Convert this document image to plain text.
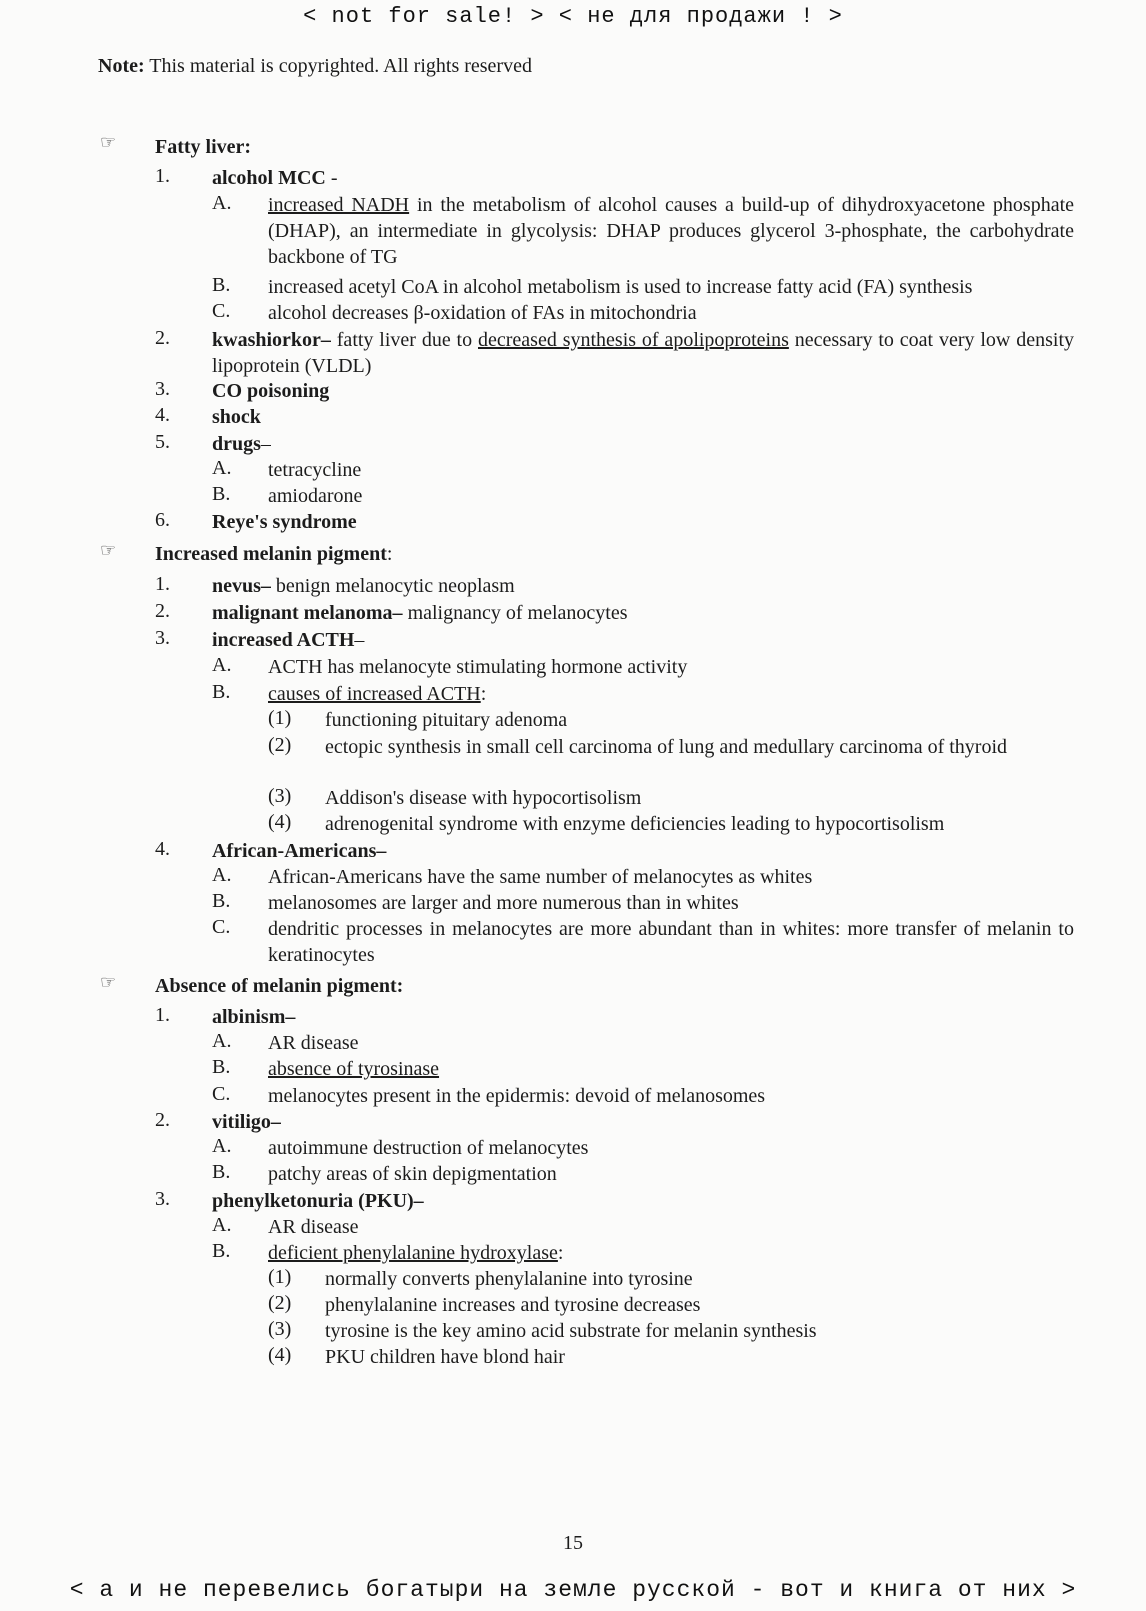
< not for sale! > < не для продажи ! >
Note: This material is copyrighted. All rights reserved
☞ Fatty liver:
1. alcohol MCC -
A. increased NADH in the metabolism of alcohol causes a build-up of dihydroxyacetone phosphate (DHAP), an intermediate in glycolysis: DHAP produces glycerol 3-phosphate, the carbohydrate backbone of TG
B. increased acetyl CoA in alcohol metabolism is used to increase fatty acid (FA) synthesis
C. alcohol decreases β-oxidation of FAs in mitochondria
2. kwashiorkor– fatty liver due to decreased synthesis of apolipoproteins necessary to coat very low density lipoprotein (VLDL)
3. CO poisoning
4. shock
5. drugs–
A. tetracycline
B. amiodarone
6. Reye's syndrome
☞ Increased melanin pigment:
1. nevus– benign melanocytic neoplasm
2. malignant melanoma– malignancy of melanocytes
3. increased ACTH–
A. ACTH has melanocyte stimulating hormone activity
B. causes of increased ACTH:
(1) functioning pituitary adenoma
(2) ectopic synthesis in small cell carcinoma of lung and medullary carcinoma of thyroid
(3) Addison's disease with hypocortisolism
(4) adrenogenital syndrome with enzyme deficiencies leading to hypocortisolism
4. African-Americans–
A. African-Americans have the same number of melanocytes as whites
B. melanosomes are larger and more numerous than in whites
C. dendritic processes in melanocytes are more abundant than in whites: more transfer of melanin to keratinocytes
☞ Absence of melanin pigment:
1. albinism–
A. AR disease
B. absence of tyrosinase
C. melanocytes present in the epidermis: devoid of melanosomes
2. vitiligo–
A. autoimmune destruction of melanocytes
B. patchy areas of skin depigmentation
3. phenylketonuria (PKU)–
A. AR disease
B. deficient phenylalanine hydroxylase:
(1) normally converts phenylalanine into tyrosine
(2) phenylalanine increases and tyrosine decreases
(3) tyrosine is the key amino acid substrate for melanin synthesis
(4) PKU children have blond hair
15
< а и не перевелись богатыри на земле русской - вот и книга от них >
